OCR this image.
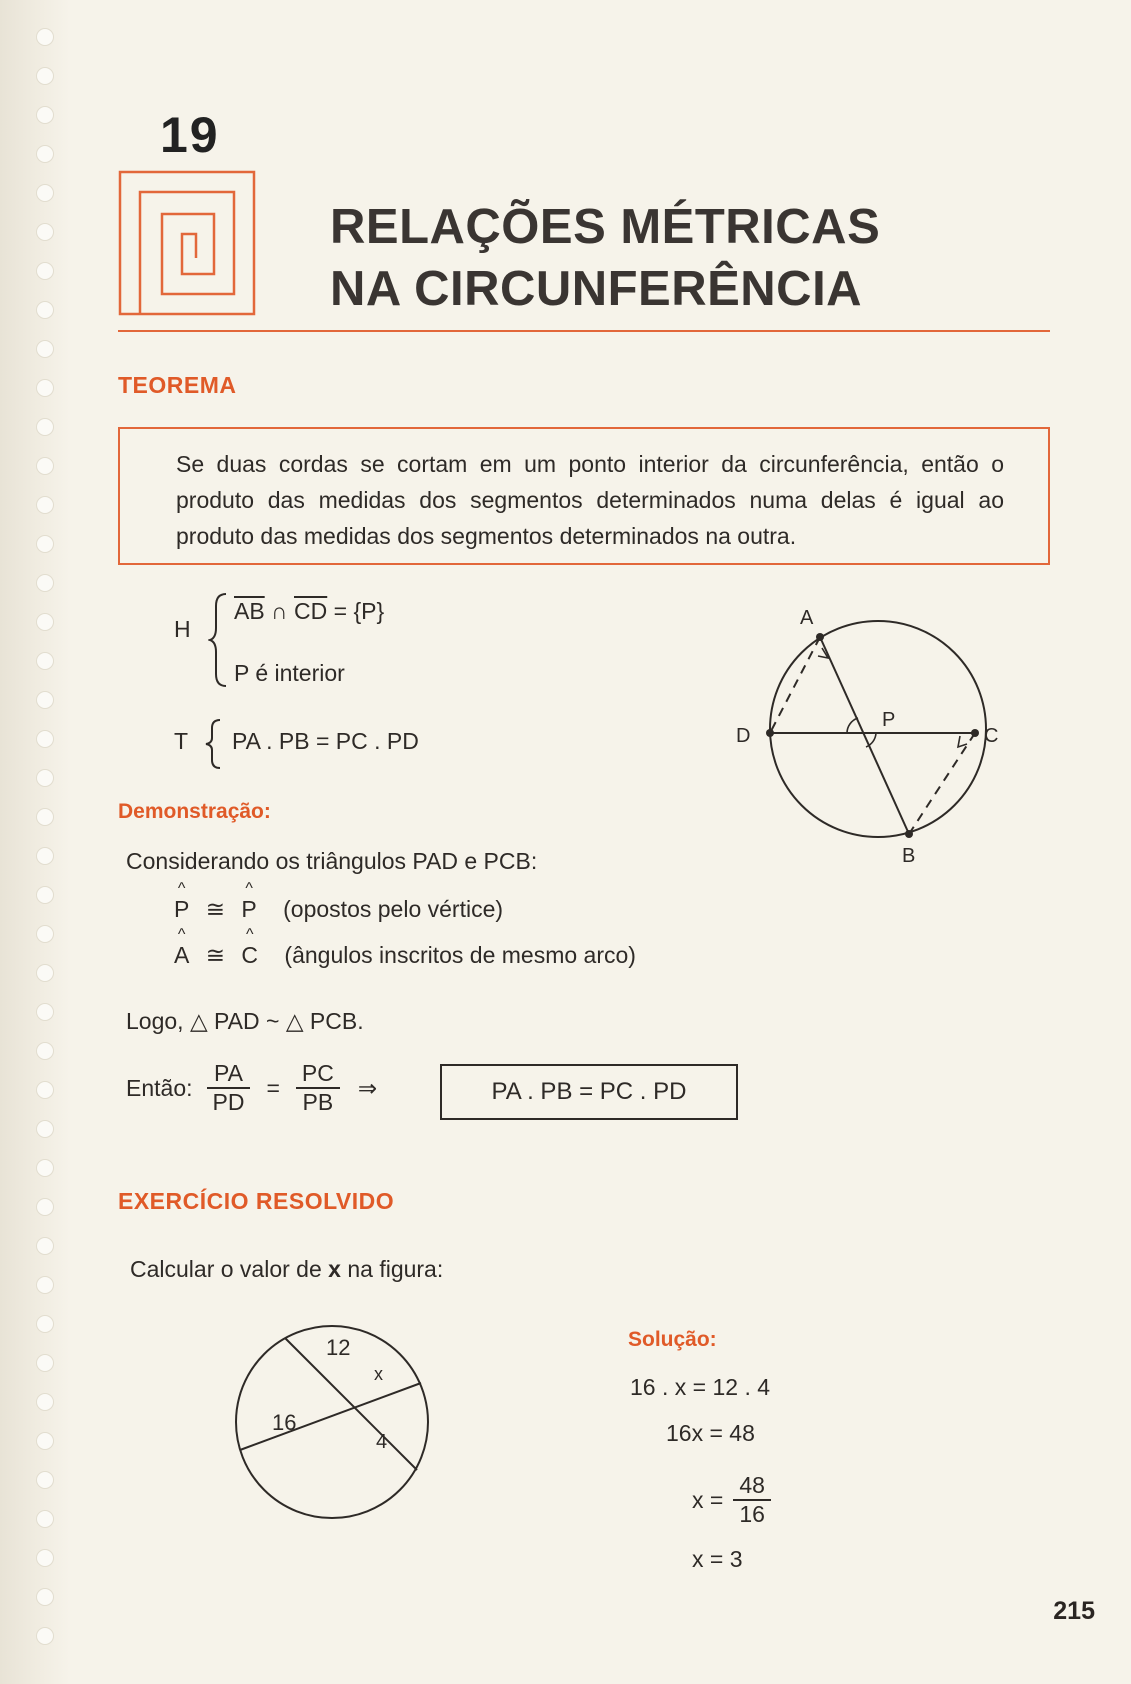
19
RELAÇÕES MÉTRICAS
NA CIRCUNFERÊNCIA
TEOREMA
Se duas cordas se cortam em um ponto interior da circunferência, então o produto das medidas dos segmentos determinados numa delas é igual ao produto das medidas dos segmentos determinados na outra.
H
$\overline{AB}$ ∩ $\overline{CD} = \{P\}$
P é interior
T PA . PB = PC . PD
A
B
C
D
P
Demonstração:
Considerando os triângulos PAD e PCB:
^ P ≅ ^ P (opostos pelo vértice)
^ A ≅ ^ C (ângulos inscritos de mesmo arco)
Logo, △ PAD ~ △ PCB.
Então: $\frac{PA}{PD} = \frac{PC}{PB}$ ⇒	PA . PB = PC . PD
EXERCÍCIO RESOLVIDO
Calcular o valor de x na figura:
12
x
16
4
Solução:
16 . x = 12 . 4
16x = 48
$x = \frac{48}{16}$
x = 3
215
